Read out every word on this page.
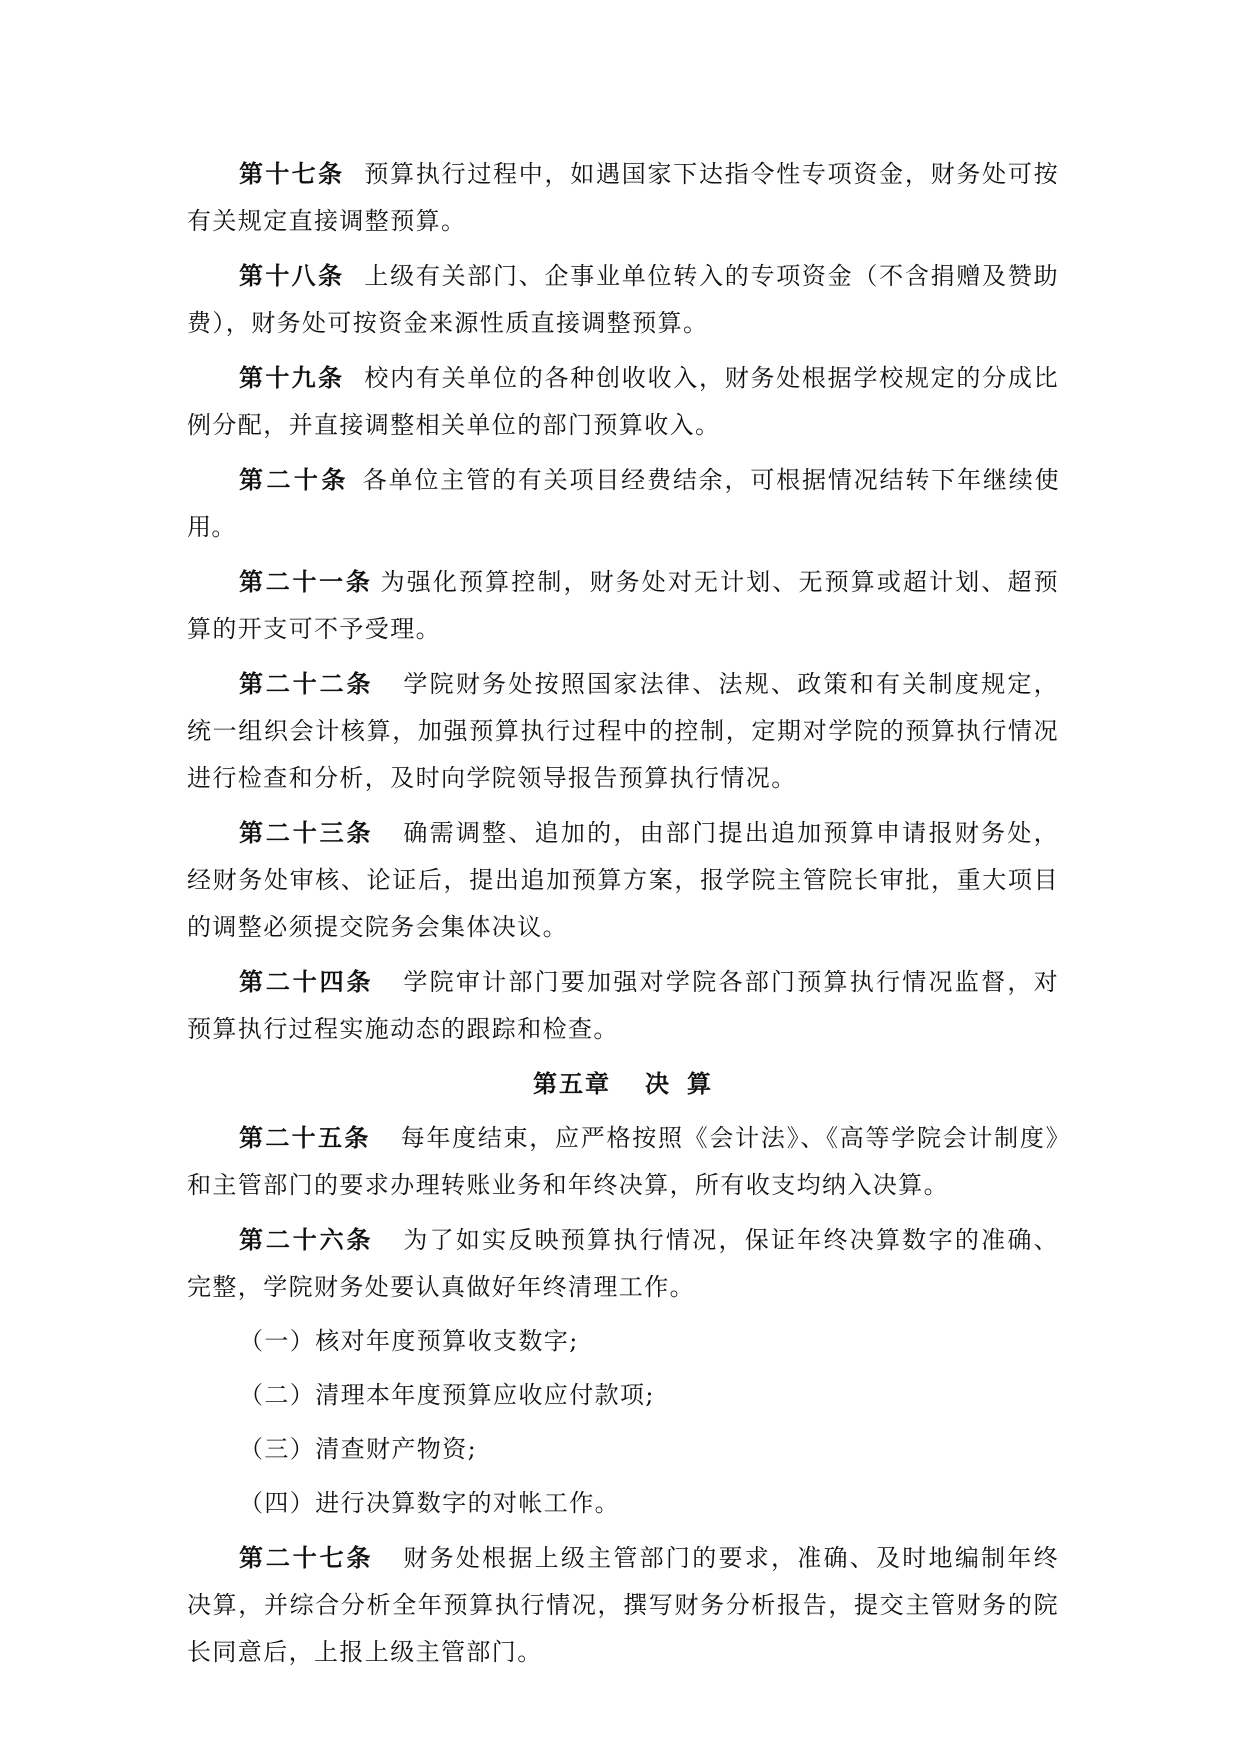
第十七条 预算执行过程中，如遇国家下达指令性专项资金，财务处可按有关规定直接调整预算。

第十八条 上级有关部门、企事业单位转入的专项资金（不含捐赠及赞助费），财务处可按资金来源性质直接调整预算。

第十九条 校内有关单位的各种创收收入，财务处根据学校规定的分成比例分配，并直接调整相关单位的部门预算收入。

第二十条 各单位主管的有关项目经费结余，可根据情况结转下年继续使用。

第二十一条 为强化预算控制，财务处对无计划、无预算或超计划、超预算的开支可不予受理。

第二十二条 学院财务处按照国家法律、法规、政策和有关制度规定，统一组织会计核算，加强预算执行过程中的控制，定期对学院的预算执行情况进行检查和分析，及时向学院领导报告预算执行情况。

第二十三条 确需调整、追加的，由部门提出追加预算申请报财务处，经财务处审核、论证后，提出追加预算方案，报学院主管院长审批，重大项目的调整必须提交院务会集体决议。

第二十四条 学院审计部门要加强对学院各部门预算执行情况监督，对预算执行过程实施动态的跟踪和检查。

第五章 决 算

第二十五条 每年度结束，应严格按照《会计法》、《高等学院会计制度》和主管部门的要求办理转账业务和年终决算，所有收支均纳入决算。

第二十六条 为了如实反映预算执行情况，保证年终决算数字的准确、完整，学院财务处要认真做好年终清理工作。

（一）核对年度预算收支数字;

（二）清理本年度预算应收应付款项;

（三）清查财产物资;

（四）进行决算数字的对帐工作。

第二十七条 财务处根据上级主管部门的要求，准确、及时地编制年终决算，并综合分析全年预算执行情况，撰写财务分析报告，提交主管财务的院长同意后，上报上级主管部门。
